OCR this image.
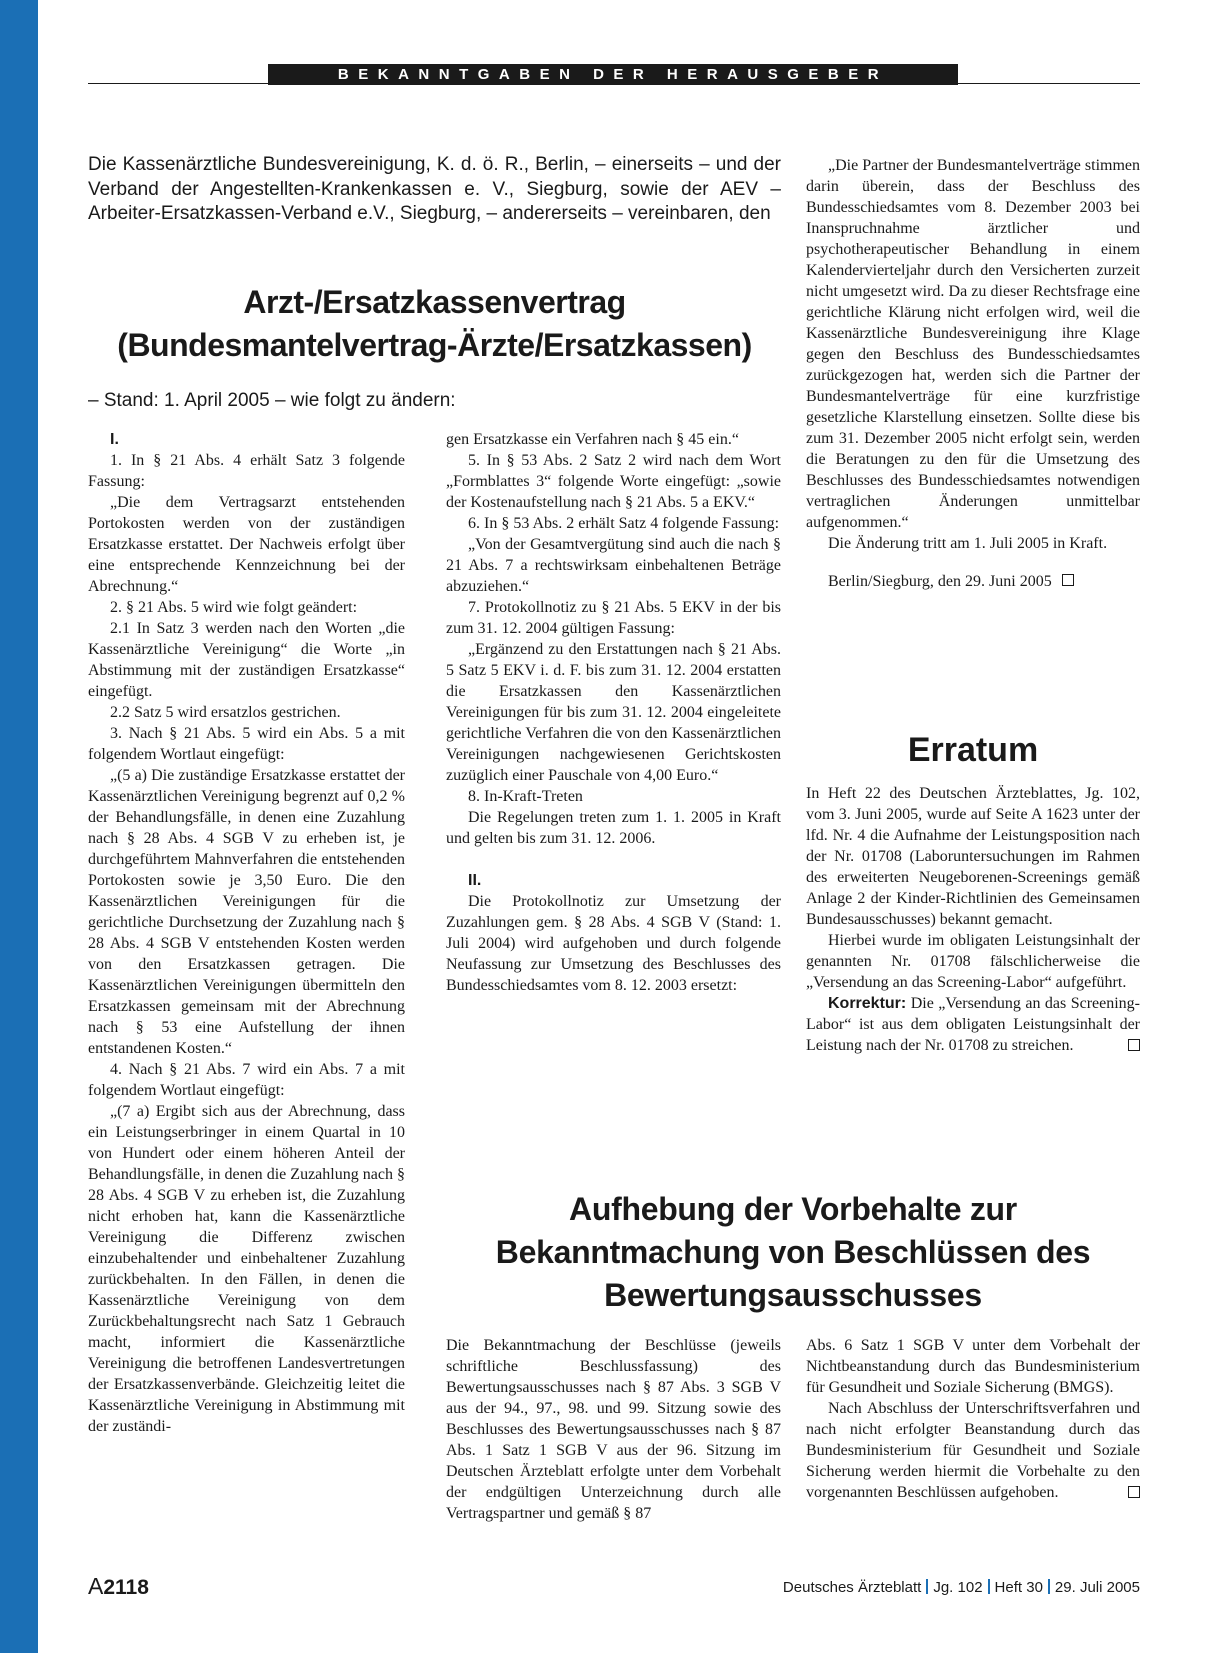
BEKANNTGABEN DER HERAUSGEBER

Die Kassenärztliche Bundesvereinigung, K. d. ö. R., Berlin, – einerseits – und der Verband der Angestellten-Krankenkassen e. V., Siegburg, sowie der AEV – Arbeiter-Ersatzkassen-Verband e.V., Siegburg, – andererseits – vereinbaren, den

Arzt-/Ersatzkassenvertrag
(Bundesmantelvertrag-Ärzte/Ersatzkassen)

– Stand: 1. April 2005 – wie folgt zu ändern:

I.

1. In § 21 Abs. 4 erhält Satz 3 folgende Fassung:

„Die dem Vertragsarzt entstehenden Portokosten werden von der zuständigen Ersatzkasse erstattet. Der Nachweis erfolgt über eine entsprechende Kennzeichnung bei der Abrechnung.“

2. § 21 Abs. 5 wird wie folgt geändert:

2.1 In Satz 3 werden nach den Worten „die Kassenärztliche Vereinigung“ die Worte „in Abstimmung mit der zuständigen Ersatzkasse“ eingefügt.

2.2 Satz 5 wird ersatzlos gestrichen.

3. Nach § 21 Abs. 5 wird ein Abs. 5 a mit folgendem Wortlaut eingefügt:

„(5 a) Die zuständige Ersatzkasse erstattet der Kassenärztlichen Vereinigung begrenzt auf 0,2 % der Behandlungsfälle, in denen eine Zuzahlung nach § 28 Abs. 4 SGB V zu erheben ist, je durchgeführtem Mahnverfahren die entstehenden Portokosten sowie je 3,50 Euro. Die den Kassenärztlichen Vereinigungen für die gerichtliche Durchsetzung der Zuzahlung nach § 28 Abs. 4 SGB V entstehenden Kosten werden von den Ersatzkassen getragen. Die Kassenärztlichen Vereinigungen übermitteln den Ersatzkassen gemeinsam mit der Abrechnung nach § 53 eine Aufstellung der ihnen entstandenen Kosten.“

4. Nach § 21 Abs. 7 wird ein Abs. 7 a mit folgendem Wortlaut eingefügt:

„(7 a) Ergibt sich aus der Abrechnung, dass ein Leistungserbringer in einem Quartal in 10 von Hundert oder einem höheren Anteil der Behandlungsfälle, in denen die Zuzahlung nach § 28 Abs. 4 SGB V zu erheben ist, die Zuzahlung nicht erhoben hat, kann die Kassenärztliche Vereinigung die Differenz zwischen einzubehaltender und einbehaltener Zuzahlung zurückbehalten. In den Fällen, in denen die Kassenärztliche Vereinigung von dem Zurückbehaltungsrecht nach Satz 1 Gebrauch macht, informiert die Kassenärztliche Vereinigung die betroffenen Landesvertretungen der Ersatzkassenverbände. Gleichzeitig leitet die Kassenärztliche Vereinigung in Abstimmung mit der zuständi-

gen Ersatzkasse ein Verfahren nach § 45 ein.“

5. In § 53 Abs. 2 Satz 2 wird nach dem Wort „Formblattes 3“ folgende Worte eingefügt: „sowie der Kostenaufstellung nach § 21 Abs. 5 a EKV.“

6. In § 53 Abs. 2 erhält Satz 4 folgende Fassung:

„Von der Gesamtvergütung sind auch die nach § 21 Abs. 7 a rechtswirksam einbehaltenen Beträge abzuziehen.“

7. Protokollnotiz zu § 21 Abs. 5 EKV in der bis zum 31. 12. 2004 gültigen Fassung:

„Ergänzend zu den Erstattungen nach § 21 Abs. 5 Satz 5 EKV i. d. F. bis zum 31. 12. 2004 erstatten die Ersatzkassen den Kassenärztlichen Vereinigungen für bis zum 31. 12. 2004 eingeleitete gerichtliche Verfahren die von den Kassenärztlichen Vereinigungen nachgewiesenen Gerichtskosten zuzüglich einer Pauschale von 4,00 Euro.“

8. In-Kraft-Treten

Die Regelungen treten zum 1. 1. 2005 in Kraft und gelten bis zum 31. 12. 2006.

II.

Die Protokollnotiz zur Umsetzung der Zuzahlungen gem. § 28 Abs. 4 SGB V (Stand: 1. Juli 2004) wird aufgehoben und durch folgende Neufassung zur Umsetzung des Beschlusses des Bundesschiedsamtes vom 8. 12. 2003 ersetzt:

„Die Partner der Bundesmantelverträge stimmen darin überein, dass der Beschluss des Bundesschiedsamtes vom 8. Dezember 2003 bei Inanspruchnahme ärztlicher und psychotherapeutischer Behandlung in einem Kalendervierteljahr durch den Versicherten zurzeit nicht umgesetzt wird. Da zu dieser Rechtsfrage eine gerichtliche Klärung nicht erfolgen wird, weil die Kassenärztliche Bundesvereinigung ihre Klage gegen den Beschluss des Bundesschiedsamtes zurückgezogen hat, werden sich die Partner der Bundesmantelverträge für eine kurzfristige gesetzliche Klarstellung einsetzen. Sollte diese bis zum 31. Dezember 2005 nicht erfolgt sein, werden die Beratungen zu den für die Umsetzung des Beschlusses des Bundesschiedsamtes notwendigen vertraglichen Änderungen unmittelbar aufgenommen.“

Die Änderung tritt am 1. Juli 2005 in Kraft.

Berlin/Siegburg, den 29. Juni 2005

Erratum

In Heft 22 des Deutschen Ärzteblattes, Jg. 102, vom 3. Juni 2005, wurde auf Seite A 1623 unter der lfd. Nr. 4 die Aufnahme der Leistungsposition nach der Nr. 01708 (Laboruntersuchungen im Rahmen des erweiterten Neugeborenen-Screenings gemäß Anlage 2 der Kinder-Richtlinien des Gemeinsamen Bundesausschusses) bekannt gemacht.

Hierbei wurde im obligaten Leistungsinhalt der genannten Nr. 01708 fälschlicherweise die „Versendung an das Screening-Labor“ aufgeführt.

Korrektur: Die „Versendung an das Screening-Labor“ ist aus dem obligaten Leistungsinhalt der Leistung nach der Nr. 01708 zu streichen.

Aufhebung der Vorbehalte zur
Bekanntmachung von Beschlüssen des
Bewertungsausschusses

Die Bekanntmachung der Beschlüsse (jeweils schriftliche Beschlussfassung) des Bewertungsausschusses nach § 87 Abs. 3 SGB V aus der 94., 97., 98. und 99. Sitzung sowie des Beschlusses des Bewertungsausschusses nach § 87 Abs. 1 Satz 1 SGB V aus der 96. Sitzung im Deutschen Ärzteblatt erfolgte unter dem Vorbehalt der endgültigen Unterzeichnung durch alle Vertragspartner und gemäß § 87

Abs. 6 Satz 1 SGB V unter dem Vorbehalt der Nichtbeanstandung durch das Bundesministerium für Gesundheit und Soziale Sicherung (BMGS).

Nach Abschluss der Unterschriftsverfahren und nach nicht erfolgter Beanstandung durch das Bundesministerium für Gesundheit und Soziale Sicherung werden hiermit die Vorbehalte zu den vorgenannten Beschlüssen aufgehoben.

A2118	Deutsches Ärzteblatt Jg. 102 Heft 30 29. Juli 2005
